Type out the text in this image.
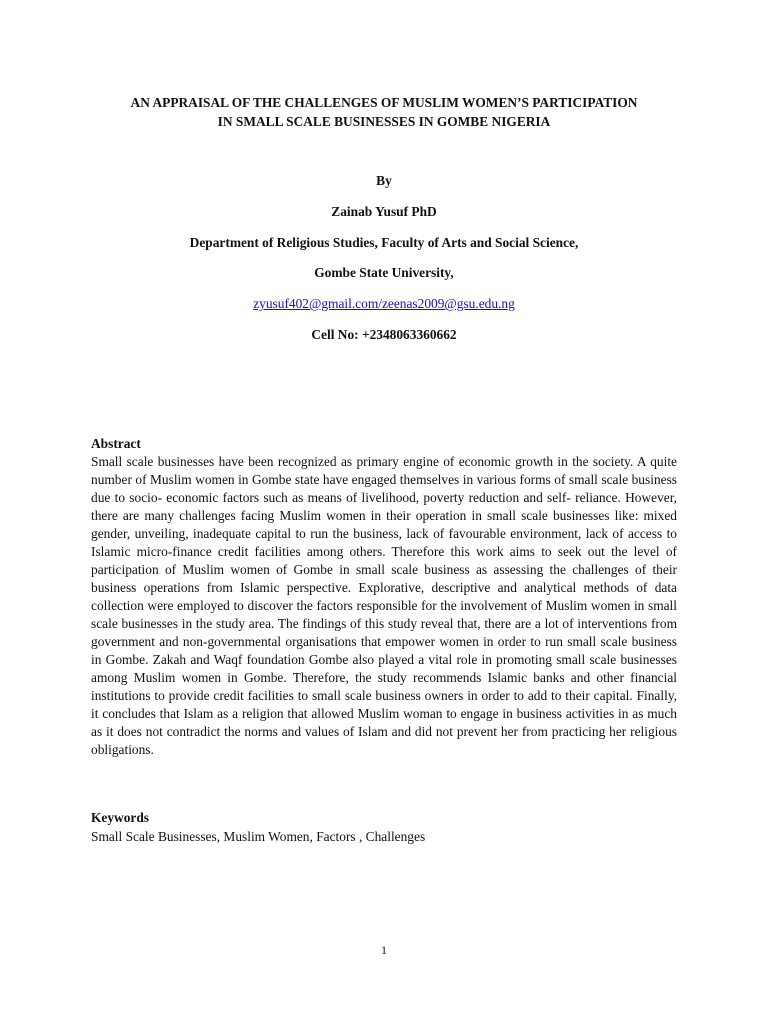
AN APPRAISAL OF THE CHALLENGES OF MUSLIM WOMEN’S PARTICIPATION
IN SMALL SCALE BUSINESSES IN GOMBE NIGERIA
By
Zainab Yusuf PhD
Department of Religious Studies, Faculty of Arts and Social Science,
Gombe State University,
zyusuf402@gmail.com/zeenas2009@gsu.edu.ng
Cell No: +2348063360662
Abstract

Small scale businesses have been recognized as primary engine of economic growth in the society. A quite number of Muslim women in Gombe state have engaged themselves in various forms of small scale business due to socio- economic factors such as means of livelihood, poverty reduction and self- reliance. However, there are many challenges facing Muslim women in their operation in small scale businesses like: mixed gender, unveiling, inadequate capital to run the business, lack of favourable environment, lack of access to Islamic micro-finance credit facilities among others. Therefore this work aims to seek out the level of participation of Muslim women of Gombe in small scale business as assessing the challenges of their business operations from Islamic perspective. Explorative, descriptive and analytical methods of data collection were employed to discover the factors responsible for the involvement of Muslim women in small scale businesses in the study area. The findings of this study reveal that, there are a lot of interventions from government and non-governmental organisations that empower women in order to run small scale business in Gombe. Zakah and Waqf foundation Gombe also played a vital role in promoting small scale businesses among Muslim women in Gombe. Therefore, the study recommends Islamic banks and other financial institutions to provide credit facilities to small scale business owners in order to add to their capital. Finally, it concludes that Islam as a religion that allowed Muslim woman to engage in business activities in as much as it does not contradict the norms and values of Islam and did not prevent her from practicing her religious obligations.

Keywords
Small Scale Businesses, Muslim Women, Factors , Challenges
1
